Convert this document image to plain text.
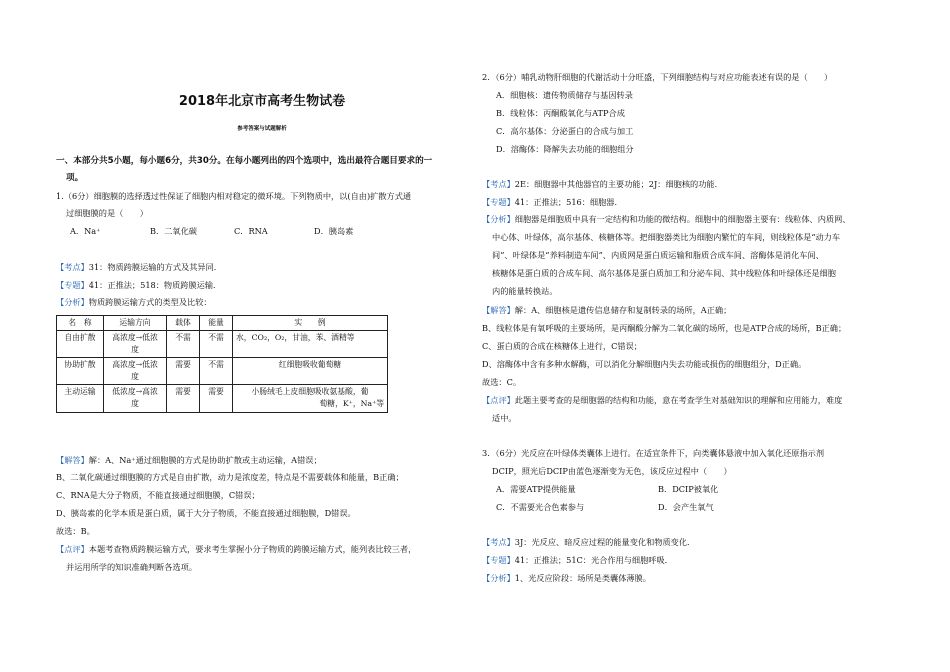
2018年北京市高考生物试卷
参考答案与试题解析
一、本部分共5小题，每小题6分，共30分。在每小题列出的四个选项中，选出最符合题目要求的一
项。
1.（6分）细胞膜的选择透过性保证了细胞内相对稳定的微环境。下列物质中，以(自由)扩散方式通
过细胞膜的是（　　）
A．Na⁺	B．二氧化碳	C．RNA	D．胰岛素
【考点】31：物质跨膜运输的方式及其异同．
【专题】41：正推法；518：物质跨膜运输．
【分析】物质跨膜运输方式的类型及比较：
名　称	运输方向	载体	能量	实　　例
自由扩散	高浓度→低浓
度	不需	不需	水，CO₂，O₂，甘油，苯、酒精等
协助扩散	高浓度→低浓
度	需要	不需	红细胞吸收葡萄糖
主动运输	低浓度→高浓
度	需要	需要	小肠绒毛上皮细胞吸收氨基酸，葡

萄糖，K⁺，Na⁺等
【解答】解：A、Na⁺通过细胞膜的方式是协助扩散或主动运输，A错误；
B、二氧化碳通过细胞膜的方式是自由扩散，动力是浓度差，特点是不需要载体和能量，B正确；
C、RNA是大分子物质，不能直接通过细胞膜，C错误；
D、胰岛素的化学本质是蛋白质，属于大分子物质，不能直接通过细胞膜，D错误。
故选：B。
【点评】本题考查物质跨膜运输方式，要求考生掌握小分子物质的跨膜运输方式，能列表比较三者，
并运用所学的知识准确判断各选项。
2．（6分）哺乳动物肝细胞的代谢活动十分旺盛，下列细胞结构与对应功能表述有误的是（　　）
A．细胞核：遗传物质储存与基因转录
B．线粒体：丙酮酸氧化与ATP合成
C．高尔基体：分泌蛋白的合成与加工
D．溶酶体：降解失去功能的细胞组分
【考点】2E：细胞器中其他器官的主要功能；2J：细胞核的功能．
【专题】41：正推法；516：细胞器．
【分析】细胞器是细胞质中具有一定结构和功能的微结构。细胞中的细胞器主要有：线粒体、内质网、
中心体、叶绿体，高尔基体、核糖体等。把细胞器类比为细胞内繁忙的车间，则线粒体是“动力车
间”、叶绿体是“养料制造车间”、内质网是蛋白质运输和脂质合成车间、溶酶体是消化车间、
核糖体是蛋白质的合成车间、高尔基体是蛋白质加工和分泌车间、其中线粒体和叶绿体还是细胞
内的能量转换站。
【解答】解：A、细胞核是遗传信息储存和复制转录的场所，A正确；
B、线粒体是有氧呼吸的主要场所，是丙酮酸分解为二氧化碳的场所，也是ATP合成的场所，B正确；
C、蛋白质的合成在核糖体上进行，C错误；
D、溶酶体中含有多种水解酶，可以消化分解细胞内失去功能或损伤的细胞组分，D正确。
故选：C。
【点评】此题主要考查的是细胞器的结构和功能，意在考查学生对基础知识的理解和应用能力，难度
适中。
3．（6分）光反应在叶绿体类囊体上进行。在适宜条件下，向类囊体悬液中加入氧化还原指示剂
DCIP，照光后DCIP由蓝色逐渐变为无色，该反应过程中（　　）
A．需要ATP提供能量	B．DCIP被氧化
C．不需要光合色素参与	D．会产生氧气
【考点】3J：光反应、暗反应过程的能量变化和物质变化．
【专题】41：正推法；51C：光合作用与细胞呼吸．
【分析】1、光反应阶段：场所是类囊体薄膜。
